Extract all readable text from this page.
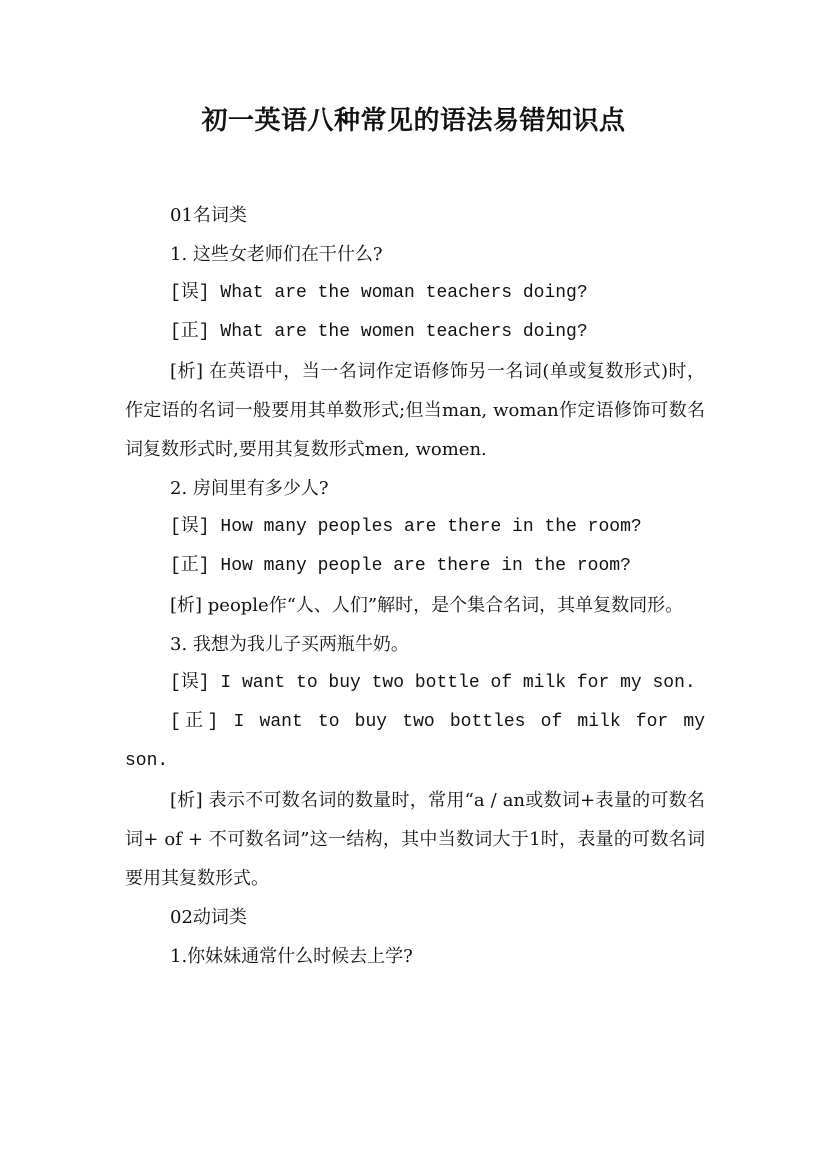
初一英语八种常见的语法易错知识点

01名词类

1. 这些女老师们在干什么?

[误] What are the woman teachers doing?

[正] What are the women teachers doing?

[析] 在英语中，当一名词作定语修饰另一名词(单或复数形式)时，作定语的名词一般要用其单数形式;但当man, woman作定语修饰可数名词复数形式时,要用其复数形式men, women.

2. 房间里有多少人?

[误] How many peoples are there in the room?

[正] How many people are there in the room?

[析] people作“人、人们”解时，是个集合名词，其单复数同形。

3. 我想为我儿子买两瓶牛奶。

[误] I want to buy two bottle of milk for my son.

[正] I want to buy two bottles of milk for my son.

[析] 表示不可数名词的数量时，常用“a / an或数词+表量的可数名词+ of + 不可数名词”这一结构，其中当数词大于1时，表量的可数名词要用其复数形式。

02动词类

1.你妹妹通常什么时候去上学?
